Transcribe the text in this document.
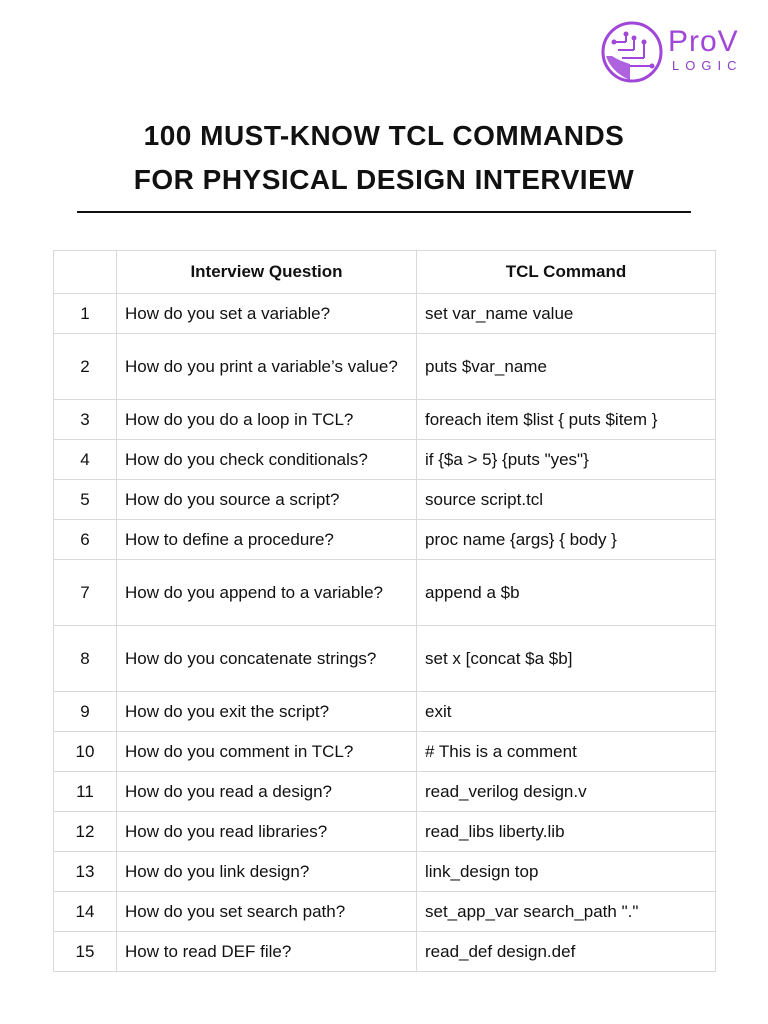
ProV
LOGIC
100 MUST-KNOW TCL COMMANDS
FOR PHYSICAL DESIGN INTERVIEW
	Interview Question	TCL Command
1	How do you set a variable?	set var_name value
2	How do you print a variable’s value?	puts $var_name
3	How do you do a loop in TCL?	foreach item $list { puts $item }
4	How do you check conditionals?	if {$a > 5} {puts "yes"}
5	How do you source a script?	source script.tcl
6	How to define a procedure?	proc name {args} { body }
7	How do you append to a variable?	append a $b
8	How do you concatenate strings?	set x [concat $a $b]
9	How do you exit the script?	exit
10	How do you comment in TCL?	# This is a comment
11	How do you read a design?	read_verilog design.v
12	How do you read libraries?	read_libs liberty.lib
13	How do you link design?	link_design top
14	How do you set search path?	set_app_var search_path "."
15	How to read DEF file?	read_def design.def
